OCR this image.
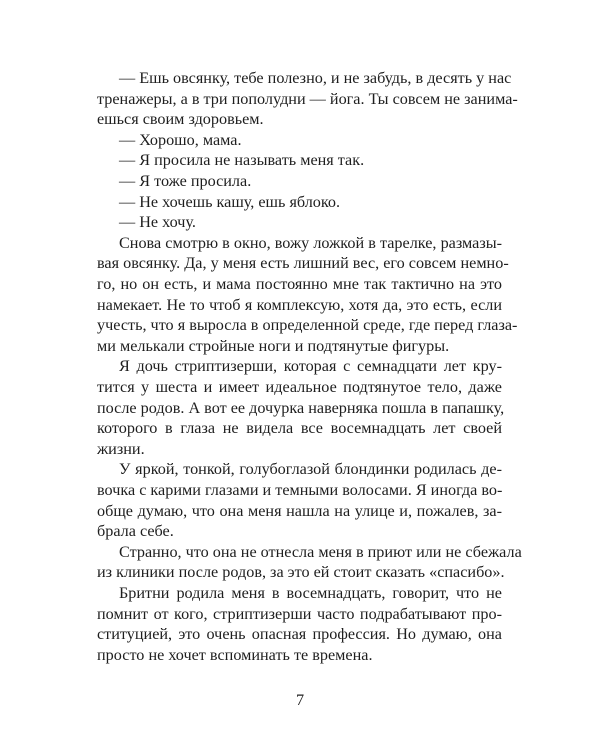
— Ешь овсянку, тебе полезно, и не забудь, в десять у нас
тренажеры, а в три пополудни — йога. Ты совсем не занима-
ешься своим здоровьем.
— Хорошо, мама.
— Я просила не называть меня так.
— Я тоже просила.
— Не хочешь кашу, ешь яблоко.
— Не хочу.
Снова смотрю в окно, вожу ложкой в тарелке, размазы-
вая овсянку. Да, у меня есть лишний вес, его совсем немно-
го, но он есть, и мама постоянно мне так тактично на это
намекает. Не то чтоб я комплексую, хотя да, это есть, если
учесть, что я выросла в определенной среде, где перед глаза-
ми мелькали стройные ноги и подтянутые фигуры.
Я дочь стриптизерши, которая с семнадцати лет кру-
тится у шеста и имеет идеальное подтянутое тело, даже
после родов. А вот ее дочурка наверняка пошла в папашку,
которого в глаза не видела все восемнадцать лет своей
жизни.
У яркой, тонкой, голубоглазой блондинки родилась де-
вочка с карими глазами и темными волосами. Я иногда во-
обще думаю, что она меня нашла на улице и, пожалев, за-
брала себе.
Странно, что она не отнесла меня в приют или не сбежала
из клиники после родов, за это ей стоит сказать «спасибо».
Бритни родила меня в восемнадцать, говорит, что не
помнит от кого, стриптизерши часто подрабатывают про-
ституцией, это очень опасная профессия. Но думаю, она
просто не хочет вспоминать те времена.
7
